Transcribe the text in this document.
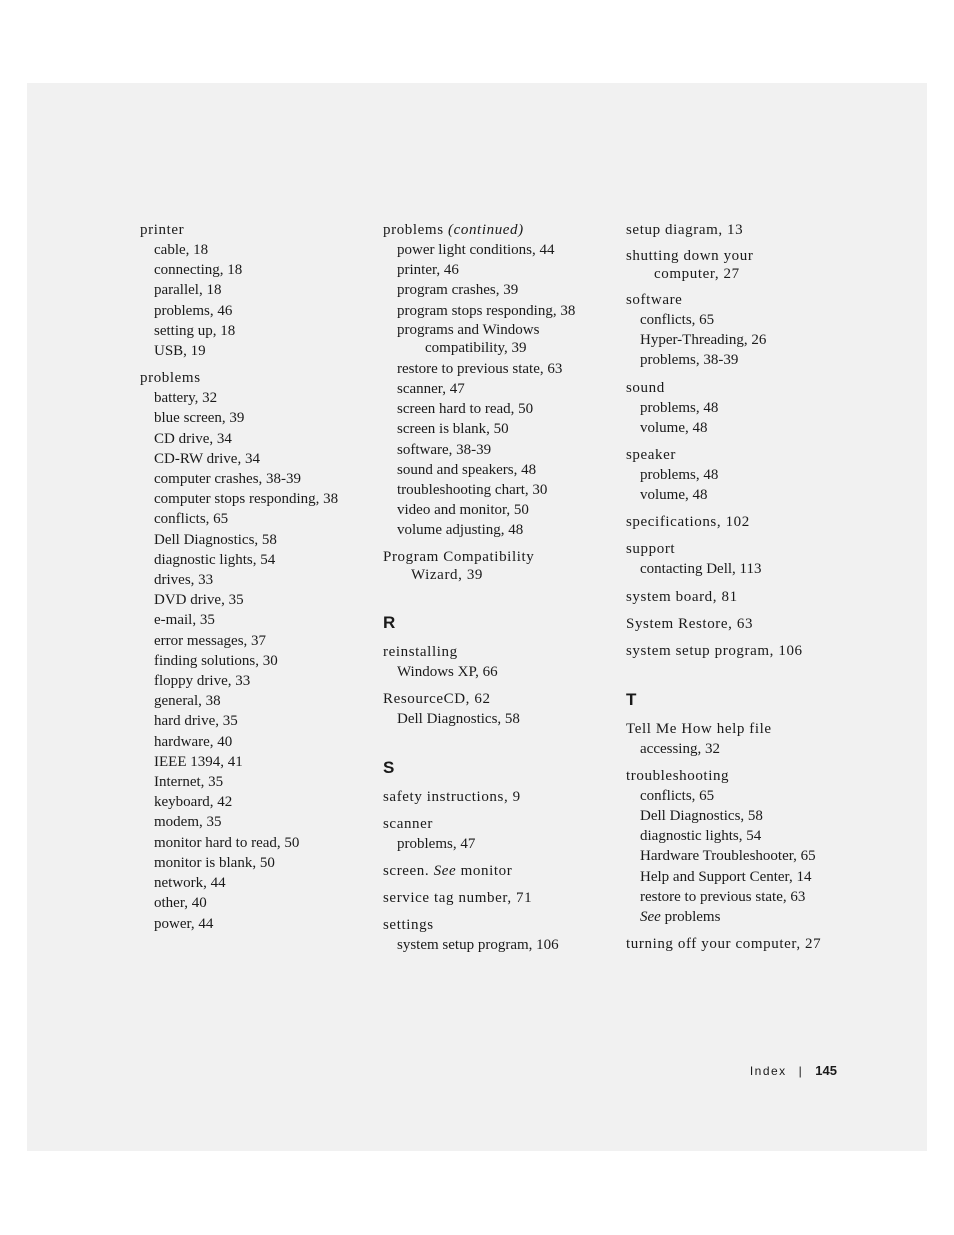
printer
cable, 18
connecting, 18
parallel, 18
problems, 46
setting up, 18
USB, 19
problems
battery, 32
blue screen, 39
CD drive, 34
CD-RW drive, 34
computer crashes, 38-39
computer stops responding, 38
conflicts, 65
Dell Diagnostics, 58
diagnostic lights, 54
drives, 33
DVD drive, 35
e-mail, 35
error messages, 37
finding solutions, 30
floppy drive, 33
general, 38
hard drive, 35
hardware, 40
IEEE 1394, 41
Internet, 35
keyboard, 42
modem, 35
monitor hard to read, 50
monitor is blank, 50
network, 44
other, 40
power, 44
problems (continued)
power light conditions, 44
printer, 46
program crashes, 39
program stops responding, 38
programs and Windows
compatibility, 39
restore to previous state, 63
scanner, 47
screen hard to read, 50
screen is blank, 50
software, 38-39
sound and speakers, 48
troubleshooting chart, 30
video and monitor, 50
volume adjusting, 48
Program Compatibility
Wizard, 39
R
reinstalling
Windows XP, 66
ResourceCD, 62
Dell Diagnostics, 58
S
safety instructions, 9
scanner
problems, 47
screen. See monitor
service tag number, 71
settings
system setup program, 106
setup diagram, 13
shutting down your
computer, 27
software
conflicts, 65
Hyper-Threading, 26
problems, 38-39
sound
problems, 48
volume, 48
speaker
problems, 48
volume, 48
specifications, 102
support
contacting Dell, 113
system board, 81
System Restore, 63
system setup program, 106
T
Tell Me How help file
accessing, 32
troubleshooting
conflicts, 65
Dell Diagnostics, 58
diagnostic lights, 54
Hardware Troubleshooter, 65
Help and Support Center, 14
restore to previous state, 63
See problems
turning off your computer, 27
Index | 145
